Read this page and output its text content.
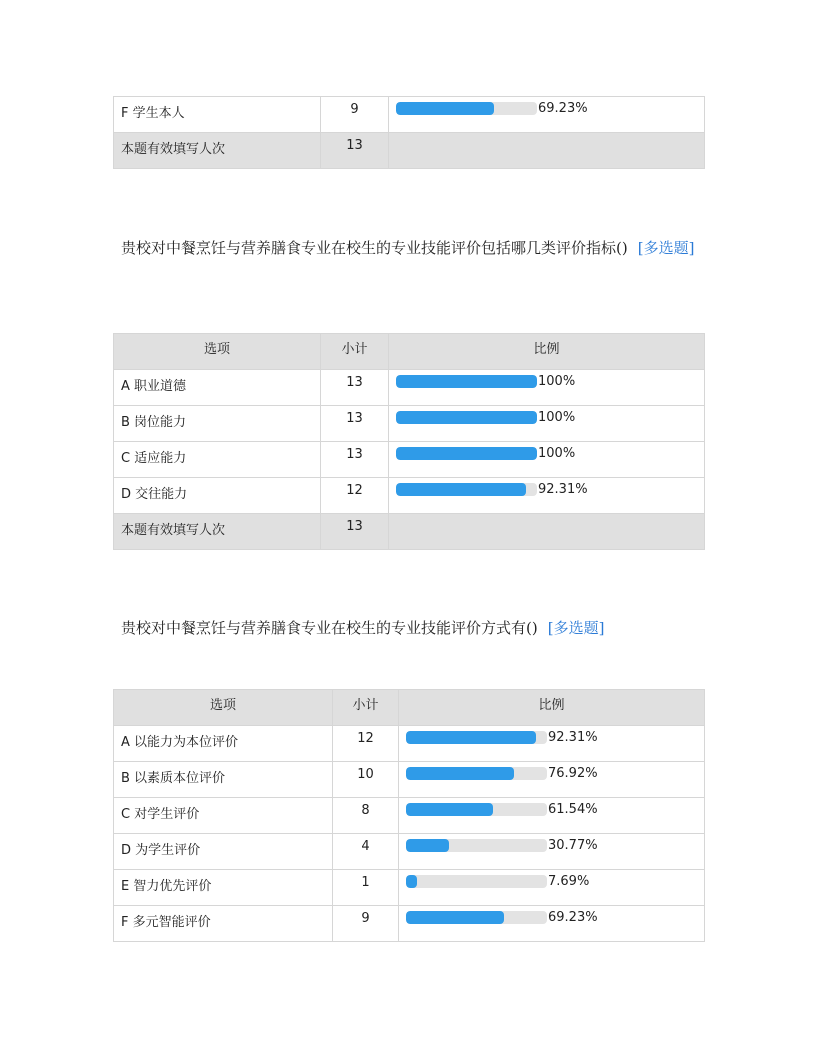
F 学生本人	9	69.23%

本题有效填写人次	13	
贵校对中餐烹饪与营养膳食专业在校生的专业技能评价包括哪几类评价指标() [多选题]
选项	小计	比例
A 职业道德	13	100%

B 岗位能力	13	100%

C 适应能力	13	100%

D 交往能力	12	92.31%

本题有效填写人次	13	
贵校对中餐烹饪与营养膳食专业在校生的专业技能评价方式有() [多选题]
选项	小计	比例
A 以能力为本位评价	12	92.31%

B 以素质本位评价	10	76.92%

C 对学生评价	8	61.54%

D 为学生评价	4	30.77%

E 智力优先评价	1	7.69%

F 多元智能评价	9	69.23%
